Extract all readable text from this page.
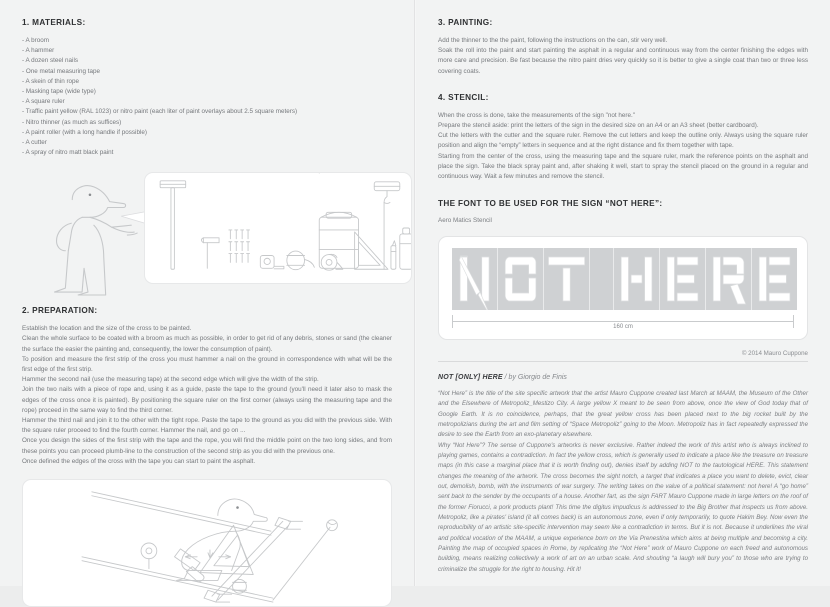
1. MATERIALS:
- A broom
- A hammer
- A dozen steel nails
- One metal measuring tape
- A skein of thin rope
- Masking tape (wide type)
- A square ruler
- Traffic paint yellow (RAL 1023) or nitro paint (each liter of paint overlays about 2.5 square meters)
- Nitro thinner (as much as suffices)
- A paint roller (with a long handle if possible)
- A cutter
- A spray of nitro matt black paint
2. PREPARATION:
Establish the location and the size of the cross to be painted.
Clean the whole surface to be coated with a broom as much as possible, in order to get rid of any debris, stones or sand (the cleaner the surface the easier the painting and, consequently, the lower the consumption of paint).
To position and measure the first strip of the cross you must hammer a nail on the ground in correspondence with what will be the first edge of the first strip.
Hammer the second nail (use the measuring tape) at the second edge which will give the width of the strip.
Join the two nails with a piece of rope and, using it as a guide, paste the tape to the ground (you'll need it later also to mask the edges of the cross once it is painted). By positioning the square ruler on the first corner (always using the measuring tape and the rope) proceed in the same way to find the third corner.
Hammer the third nail and join it to the other with the tight rope. Paste the tape to the ground as you did with the previous side. With the square ruler proceed to find the fourth corner. Hammer the nail, and go on ...
Once you design the sides of the first strip with the tape and the rope, you will find the middle point on the two long sides, and from these points you can proceed plumb-line to the construction of the second strip as you did with the previous one.
Once defined the edges of the cross with the tape you can start to paint the asphalt.
3. PAINTING:
Add the thinner to the the paint, following the instructions on the can, stir very well.
Soak the roll into the paint and start painting the asphalt in a regular and continuous way from the center finishing the edges with more care and precision. Be fast because the nitro paint dries very quickly so it is better to give a single coat than two or three less covering coats.
4. STENCIL:
When the cross is done, take the measurements of the sign "not here."
Prepare the stencil aside: print the letters of the sign in the desired size on an A4 or an A3 sheet (better cardboard).
Cut the letters with the cutter and the square ruler. Remove the cut letters and keep the outline only. Always using the square ruler position and align the “empty” letters in sequence and at the right distance and fix them together with tape.
Starting from the center of the cross, using the measuring tape and the square ruler, mark the reference points on the asphalt and place the sign. Take the black spray paint and, after shaking it well, start to spray the stencil placed on the ground in a regular and continuous way. Wait a few minutes and remove the stencil.
THE FONT TO BE USED FOR THE SIGN “NOT HERE”:

Aero Matics Stencil

160 cm

© 2014 Mauro Cuppone

NOT [ONLY] HERE / by Giorgio de Finis

“Not Here” is the title of the site specific artwork that the artist Mauro Cuppone created last March at MAAM, the Museum of the Other and the Elsewhere of Metropoliz_Mestizo City. A large yellow X meant to be seen from above, once the view of God today that of Google Earth. It is no coincidence, perhaps, that the great yellow cross has been placed next to the big rocket built by the metropolizians during the art and film setting of “Space Metropoliz” going to the Moon. Metropoliz has in fact repeatedly expressed the desire to see the Earth from an exo-planetary elsewhere.

Why “Not Here”? The sense of Cuppone's artworks is never exclusive. Rather indeed the work of this artist who is always inclined to playing games, contains a contradiction. In fact the yellow cross, which is generally used to indicate a place like the treasure on treasure maps (in this case a marginal place that it is worth finding out), denies itself by adding NOT to the tautological HERE. This statement changes the meaning of the artwork. The cross becomes the sight notch, a target that indicates a place you want to delete, evict, clear out, demolish, bomb, with the instruments of war surgery. The writing takes on the value of a political statement: not here! A “go home” sent back to the sender by the occupants of a house. Another fart, as the sign FART Mauro Cuppone made in large letters on the roof of the former Fiorucci, a pork products plant! This time the digitus impudicus is addressed to the Big Brother that inspects us from above. Metropoliz, like a pirates' island (it all comes back) is an autonomous zone, even if only temporarily, to quote Hakim Bey. Now even the reproducibility of an artistic site-specific intervention may seem like a contradiction in terms. But it is not. Because it underlines the viral and political vocation of the MAAM, a unique experience born on the Via Prenestina which aims at being multiple and becoming a city. Painting the map of occupied spaces in Rome, by replicating the “Not Here” work of Mauro Cuppone on each freed and autonomous building, means realizing collectively a work of art on an urban scale. And shouting “a laugh will bury you” to those who are trying to criminalize the struggle for the right to housing. Hit it!
